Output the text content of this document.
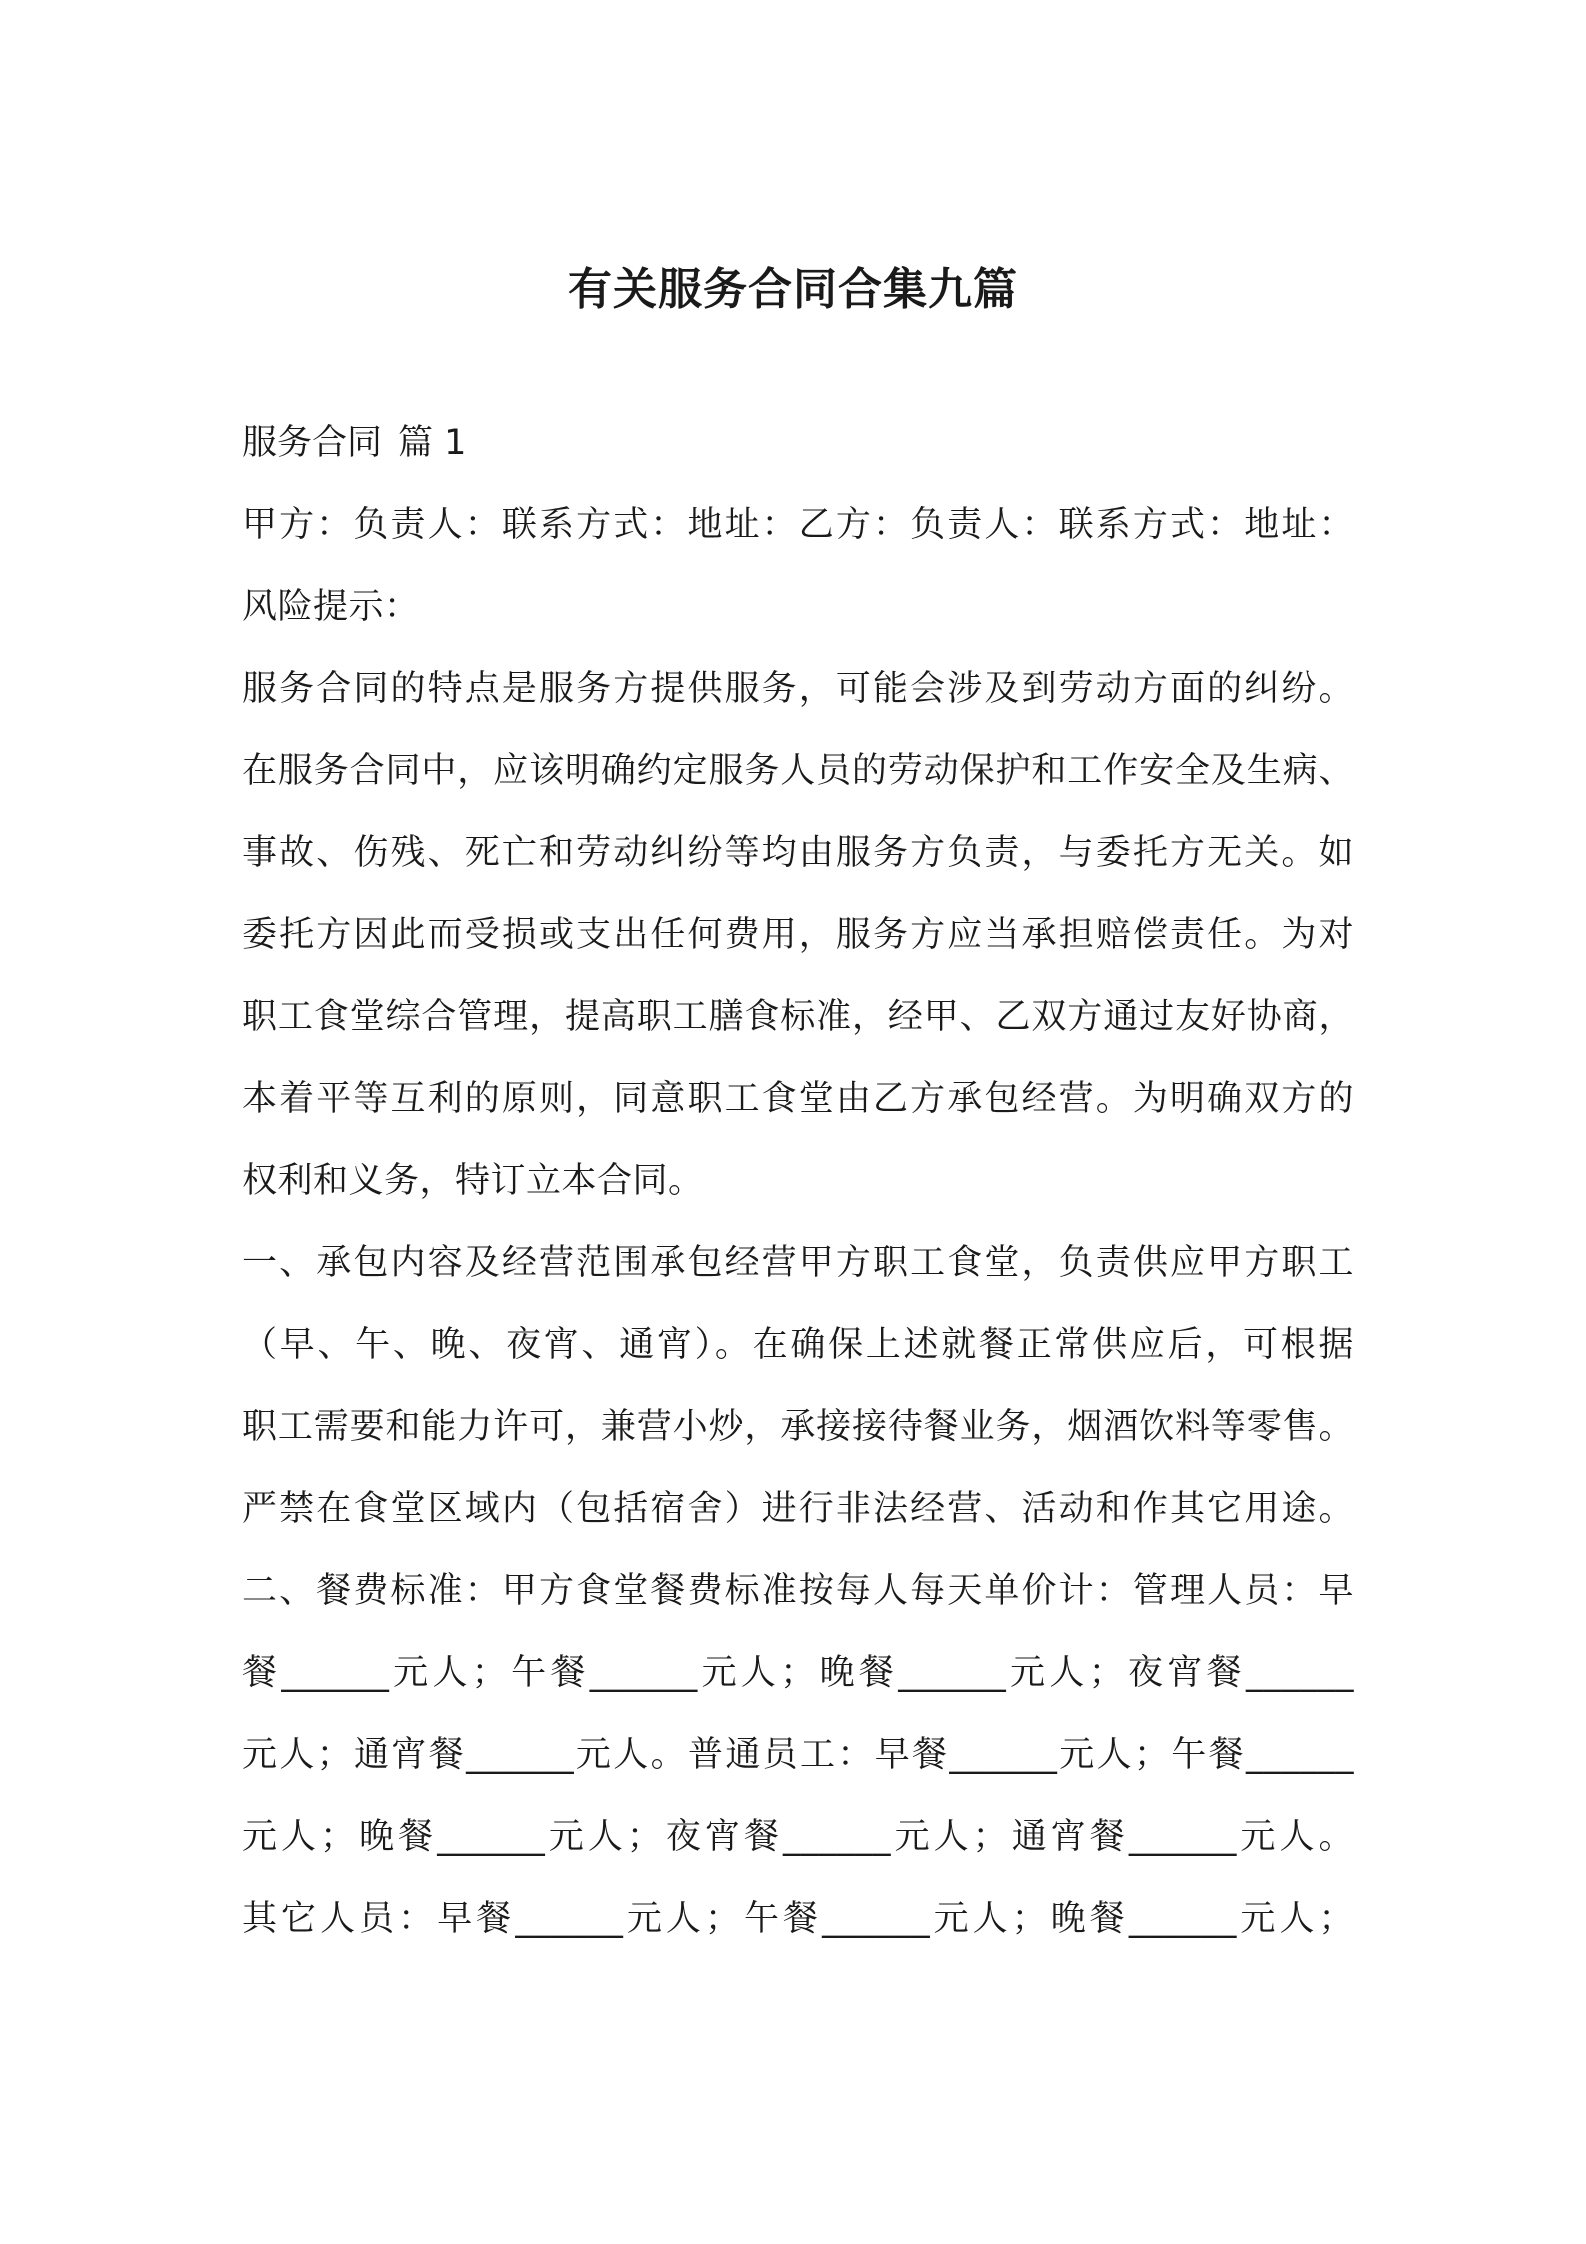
有关服务合同合集九篇
服务合同 篇 1
甲方：负责人：联系方式：地址：乙方：负责人：联系方式：地址：
风险提示：
服务合同的特点是服务方提供服务，可能会涉及到劳动方面的纠纷。
在服务合同中，应该明确约定服务人员的劳动保护和工作安全及生病、
事故、伤残、死亡和劳动纠纷等均由服务方负责，与委托方无关。如
委托方因此而受损或支出任何费用，服务方应当承担赔偿责任。为对
职工食堂综合管理，提高职工膳食标准，经甲、乙双方通过友好协商，
本着平等互利的原则，同意职工食堂由乙方承包经营。为明确双方的
权利和义务，特订立本合同。
一、承包内容及经营范围承包经营甲方职工食堂，负责供应甲方职工
（早、午、晚、夜宵、通宵）。在确保上述就餐正常供应后，可根据
职工需要和能力许可，兼营小炒，承接接待餐业务，烟酒饮料等零售。
严禁在食堂区域内（包括宿舍）进行非法经营、活动和作其它用途。
二、餐费标准：甲方食堂餐费标准按每人每天单价计：管理人员：早
餐______元人；午餐______元人；晚餐______元人；夜宵餐______
元人；通宵餐______元人。普通员工：早餐______元人；午餐______
元人；晚餐______元人；夜宵餐______元人；通宵餐______元人。
其它人员：早餐______元人；午餐______元人；晚餐______元人；
